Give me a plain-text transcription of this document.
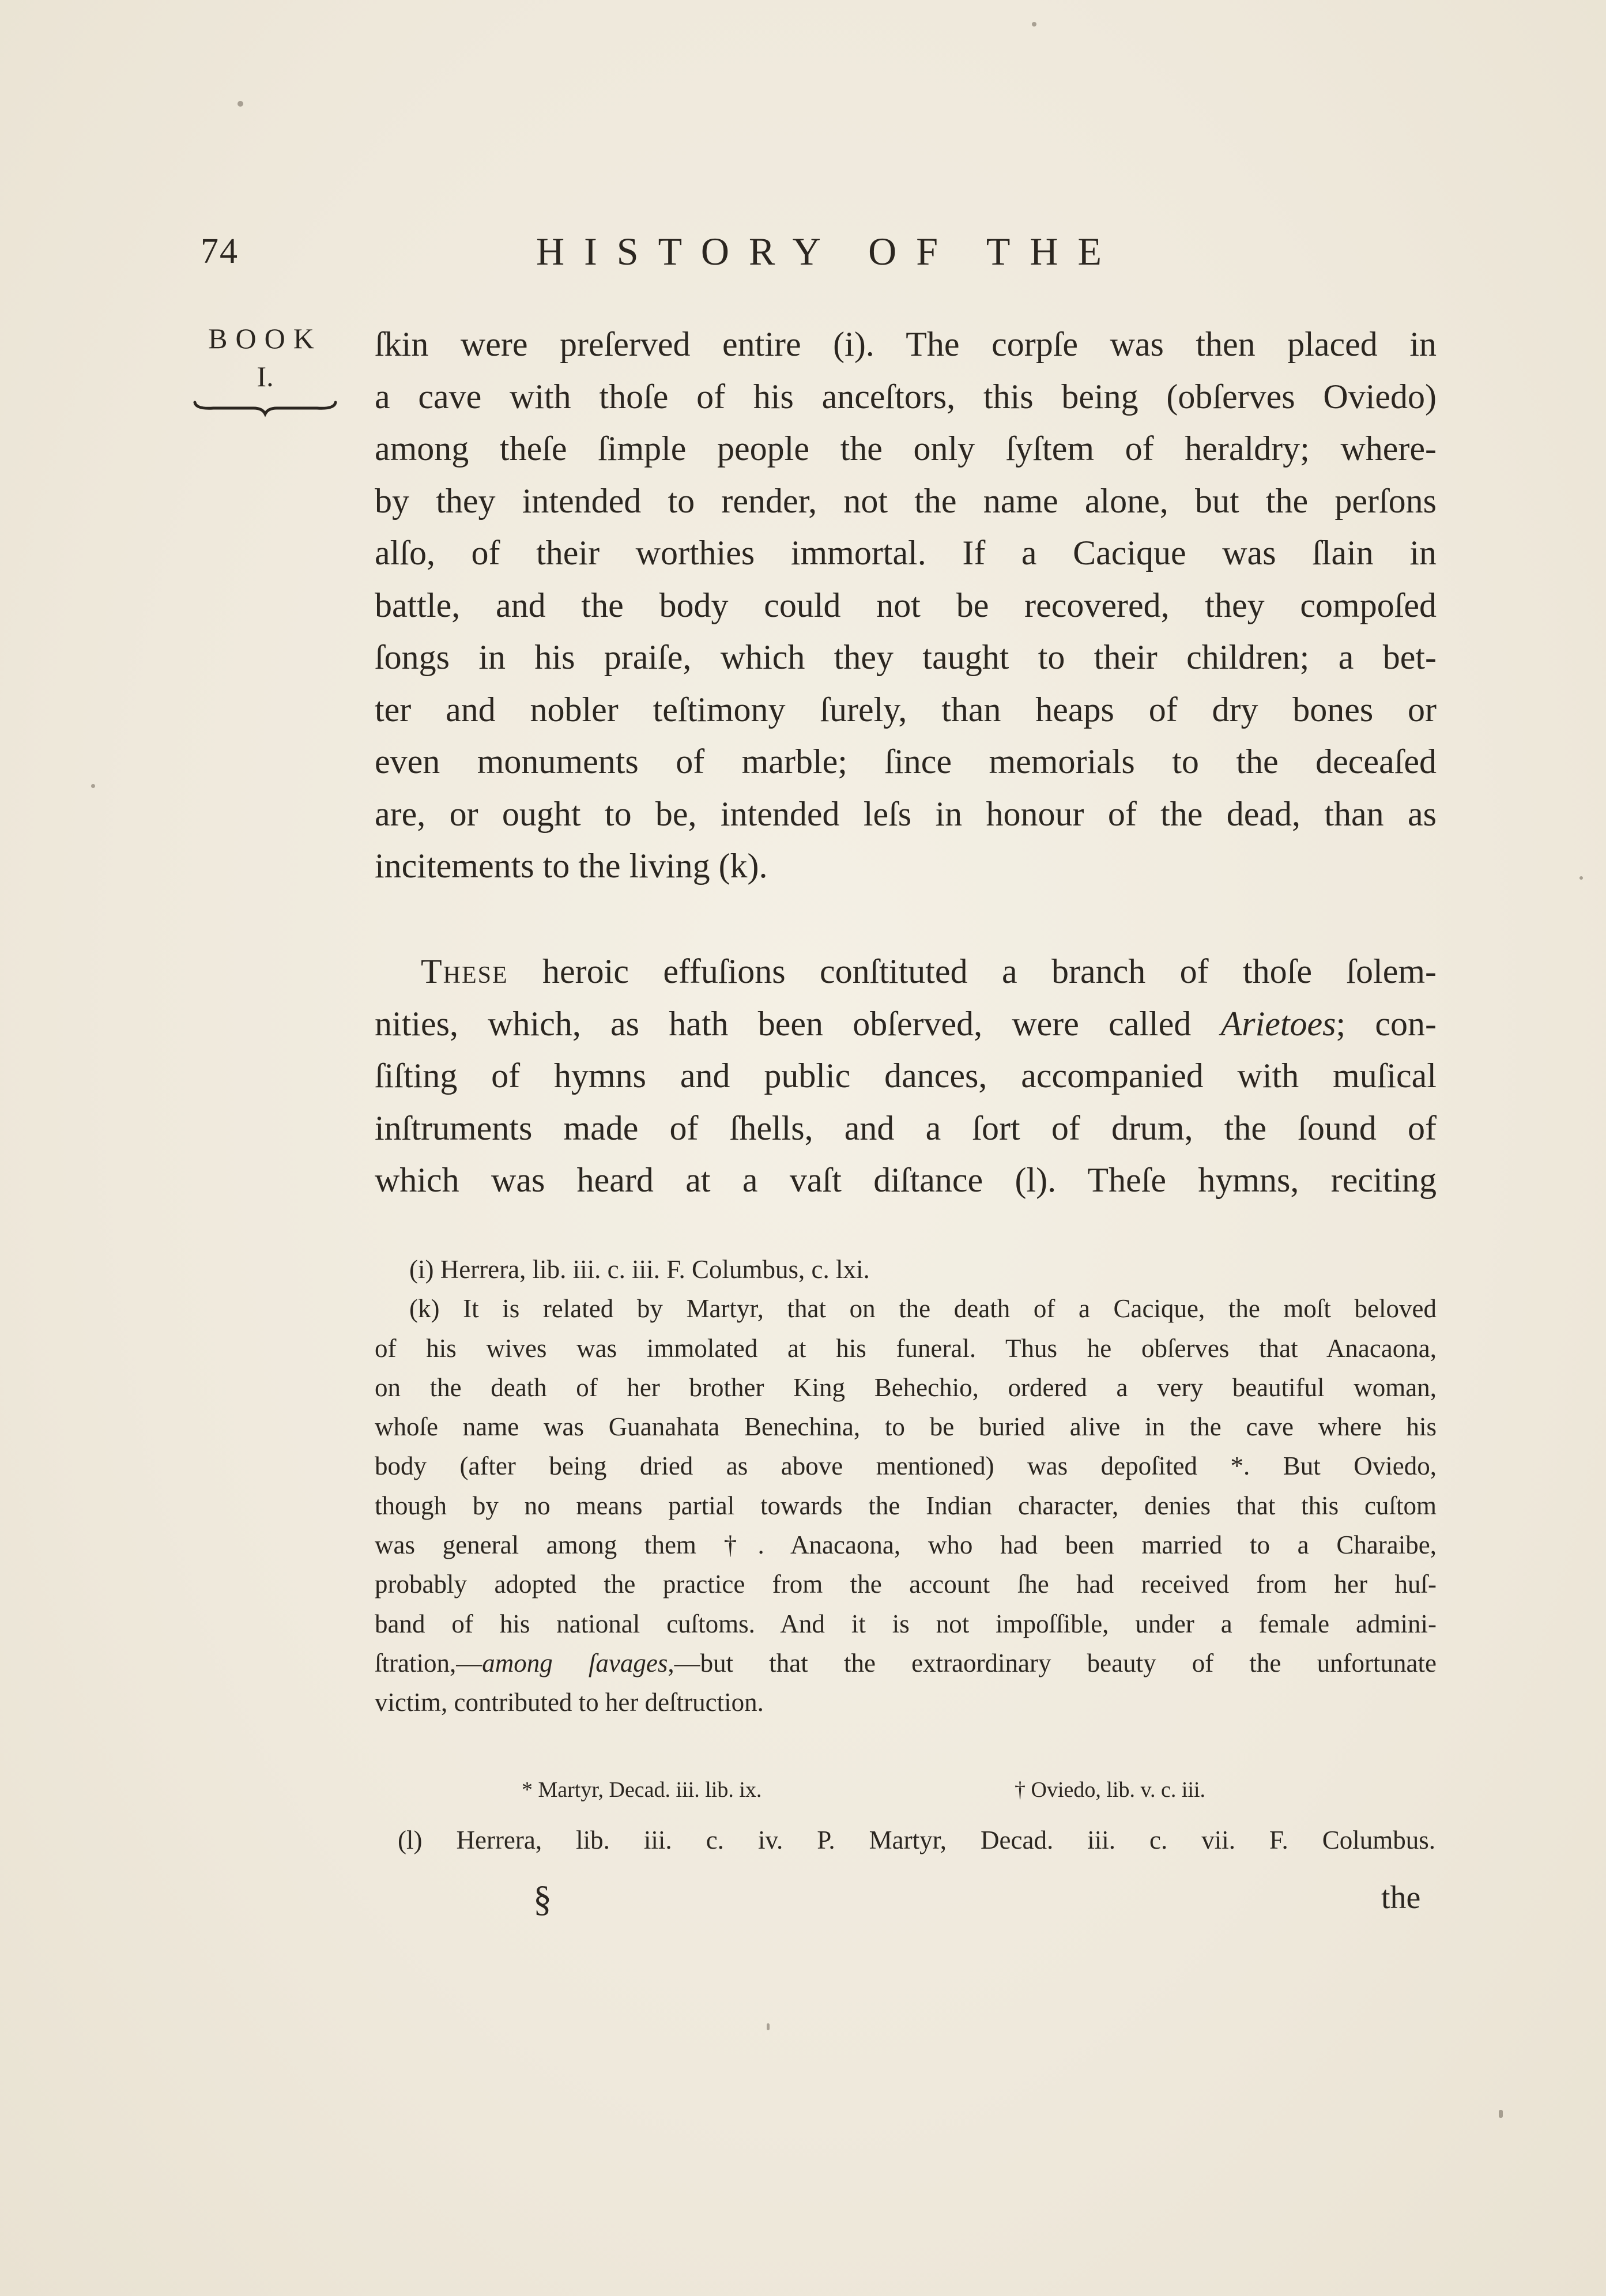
74	HISTORY OF THE
BOOK
I.
ſkin were preſerved entire (i). The corpſe was then placed in
a cave with thoſe of his anceſtors, this being (obſerves Oviedo)
among theſe ſimple people the only ſyſtem of heraldry; where-
by they intended to render, not the name alone, but the perſons
alſo, of their worthies immortal. If a Cacique was ſlain in
battle, and the body could not be recovered, they compoſed
ſongs in his praiſe, which they taught to their children; a bet-
ter and nobler teſtimony ſurely, than heaps of dry bones or
even monuments of marble; ſince memorials to the deceaſed
are, or ought to be, intended leſs in honour of the dead, than as
incitements to the living (k).
These heroic effuſions conſtituted a branch of thoſe ſolem-
nities, which, as hath been obſerved, were called Arietoes; con-
ſiſting of hymns and public dances, accompanied with muſical
inſtruments made of ſhells, and a ſort of drum, the ſound of
which was heard at a vaſt diſtance (l). Theſe hymns, reciting
(i) Herrera, lib. iii. c. iii. F. Columbus, c. lxi.
(k) It is related by Martyr, that on the death of a Cacique, the moſt beloved
of his wives was immolated at his funeral. Thus he obſerves that Anacaona,
on the death of her brother King Behechio, ordered a very beautiful woman,
whoſe name was Guanahata Benechina, to be buried alive in the cave where his
body (after being dried as above mentioned) was depoſited *. But Oviedo,
though by no means partial towards the Indian character, denies that this cuſtom
was general among them †. Anacaona, who had been married to a Charaibe,
probably adopted the practice from the account ſhe had received from her huſ-
band of his national cuſtoms. And it is not impoſſible, under a female admini-
ſtration,—among ſavages,—but that the extraordinary beauty of the unfortunate
victim, contributed to her deſtruction.
* Martyr, Decad. iii. lib. ix.	† Oviedo, lib. v. c. iii.
(l) Herrera, lib. iii. c. iv. P. Martyr, Decad. iii. c. vii. F. Columbus.
§	the
